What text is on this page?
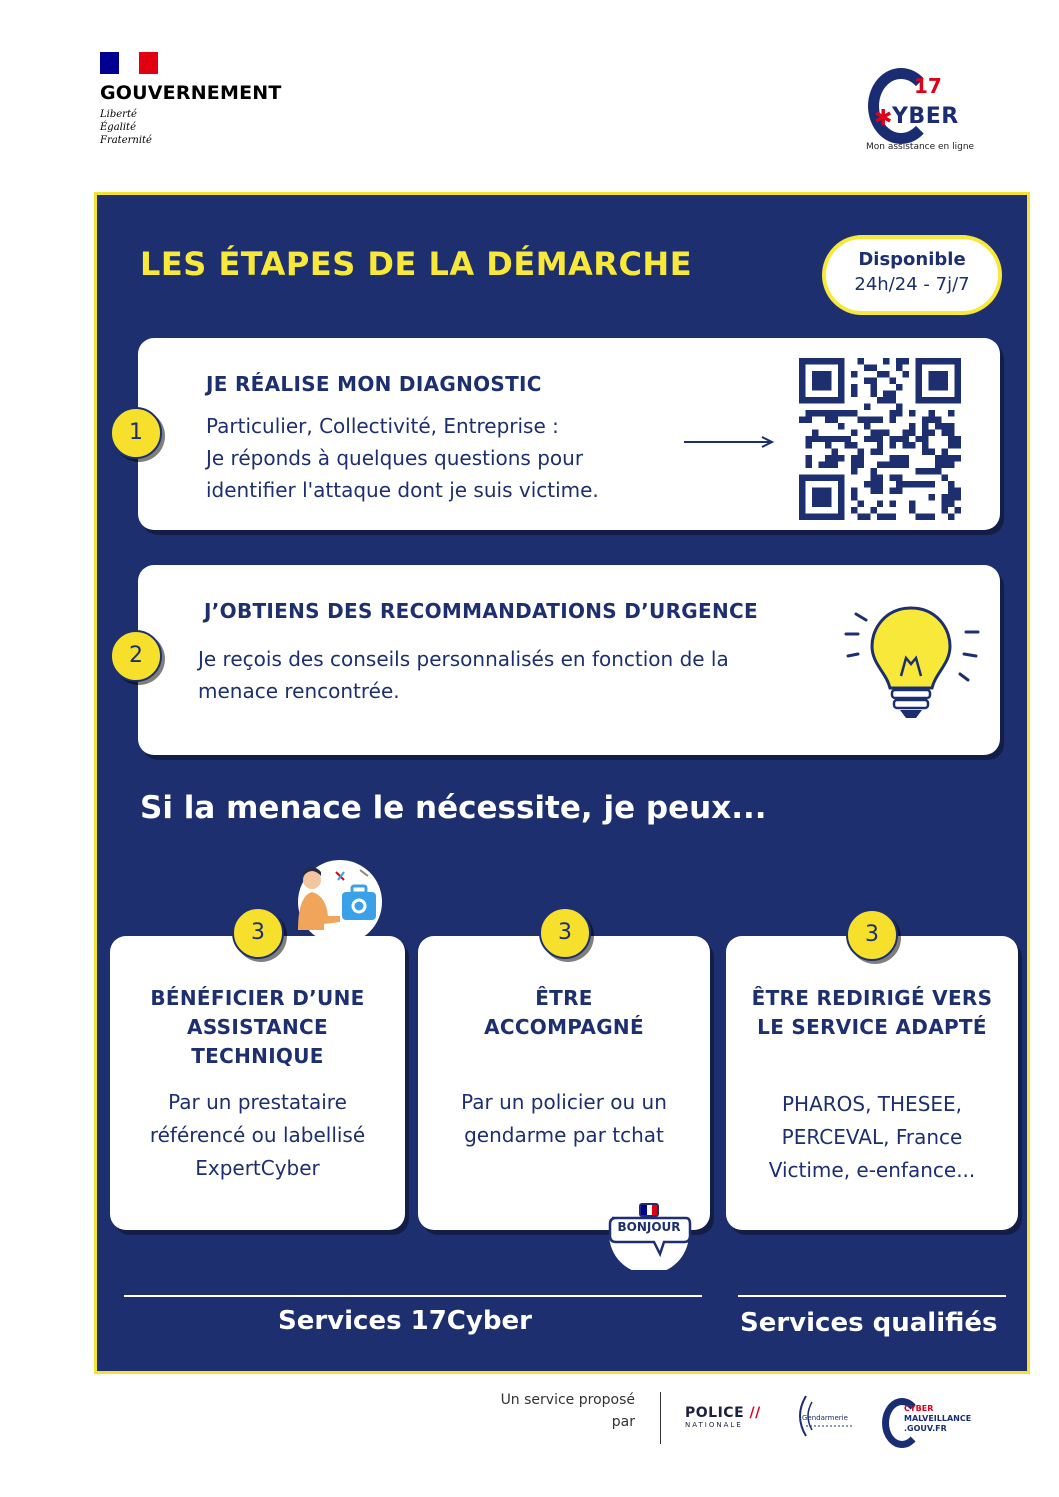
GOUVERNEMENT
Liberté
Égalité
Fraternité
17
✱ YBER
Mon assistance en ligne
LES ÉTAPES DE LA DÉMARCHE	Disponible
24h/24 - 7j/7
JE RÉALISE MON DIAGNOSTIC
Particulier, Collectivité, Entreprise :
Je réponds à quelques questions pour
identifier l'attaque dont je suis victime.
1
J’OBTIENS DES RECOMMANDATIONS D’URGENCE
Je reçois des conseils personnalisés en fonction de la
menace rencontrée.
2
Si la menace le nécessite, je peux...
BÉNÉFICIER D’UNE
ASSISTANCE
TECHNIQUE
Par un prestataire
référencé ou labellisé
ExpertCyber
3
ÊTRE
ACCOMPAGNÉ
Par un policier ou un
gendarme par tchat
3
BONJOUR
ÊTRE REDIRIGÉ VERS
LE SERVICE ADAPTÉ
PHAROS, THESEE,
PERCEVAL, France
Victime, e-enfance...
3
Services 17Cyber	Services qualifiés
Un service proposé
par
POLICE //
NATIONALE
Gendarmerie
CYBER
MALVEILLANCE
.GOUV.FR
